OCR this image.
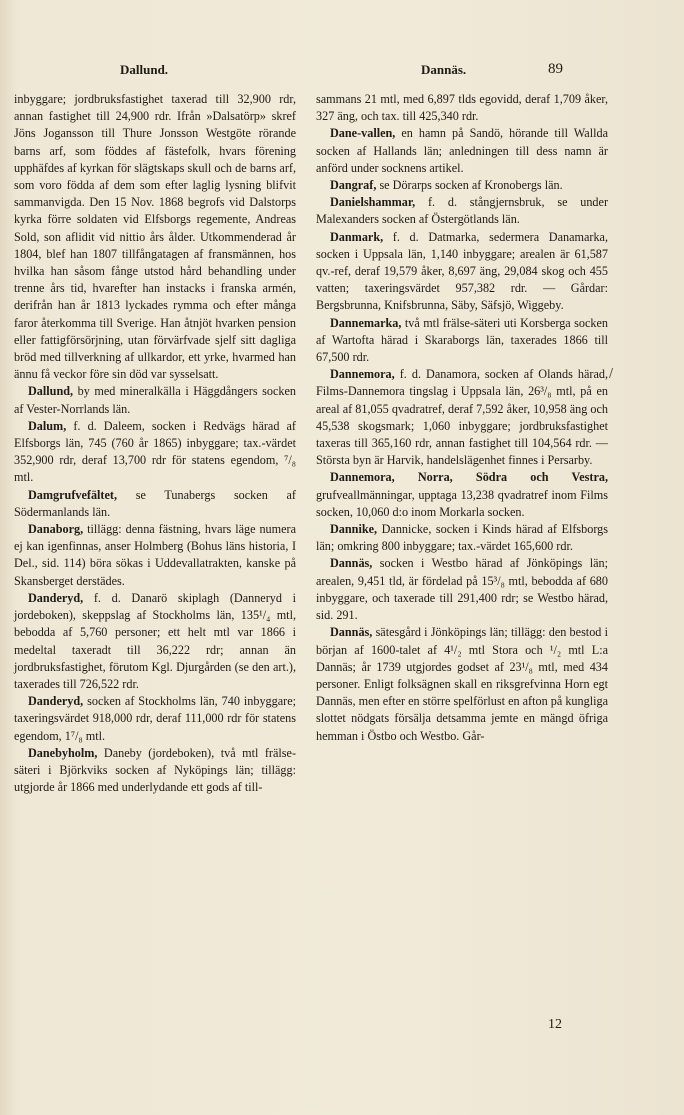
Dallund.	Dannäs.	89

inbyggare; jordbruksfastighet taxerad till 32,900 rdr, annan fastighet till 24,900 rdr. Ifrån »Dalsatörp» skref Jöns Jogansson till Thure Jonsson Westgöte rörande barns arf, som föddes af fästefolk, hvars förening upphäfdes af kyrkan för slägtskaps skull och de barns arf, som voro födda af dem som efter laglig lysning blifvit sammanvigda. Den 15 Nov. 1868 begrofs vid Dalstorps kyrka förre soldaten vid Elfsborgs regemente, Andreas Sold, son aflidit vid nittio års ålder. Utkommenderad år 1804, blef han 1807 tillfångatagen af fransmännen, hos hvilka han såsom fånge utstod hård behandling under trenne års tid, hvarefter han instacks i franska armén, derifrån han år 1813 lyckades rymma och efter många faror återkomma till Sverige. Han åtnjöt hvarken pension eller fattigförsörjning, utan förvärfvade sjelf sitt dagliga bröd med tillverkning af ullkardor, ett yrke, hvarmed han ännu få veckor före sin död var sysselsatt.

Dallund, by med mineralkälla i Häggdångers socken af Vester-Norrlands län.

Dalum, f. d. Daleem, socken i Redvägs härad af Elfsborgs län, 745 (760 år 1865) inbyggare; tax.-värdet 352,900 rdr, deraf 13,700 rdr för statens egendom, ⁷/₈ mtl.

Damgrufvefältet, se Tunabergs socken af Södermanlands län.

Danaborg, tillägg: denna fästning, hvars läge numera ej kan igenfinnas, anser Holmberg (Bohus läns historia, I Del., sid. 114) böra sökas i Uddevallatrakten, kanske på Skansberget derstädes.

Danderyd, f. d. Danarö skiplagh (Danneryd i jordeboken), skeppslag af Stockholms län, 135¹/₄ mtl, bebodda af 5,760 personer; ett helt mtl var 1866 i medeltal taxeradt till 36,222 rdr; annan än jordbruksfastighet, förutom Kgl. Djurgården (se den art.), taxerades till 726,522 rdr.

Danderyd, socken af Stockholms län, 740 inbyggare; taxeringsvärdet 918,000 rdr, deraf 111,000 rdr för statens egendom, 1⁷/₈ mtl.

Danebyholm, Daneby (jordeboken), två mtl frälse-säteri i Björkviks socken af Nyköpings län; tillägg: utgjorde år 1866 med underlydande ett gods af till-

sammans 21 mtl, med 6,897 tlds egovidd, deraf 1,709 åker, 327 äng, och tax. till 425,340 rdr.

Dane-vallen, en hamn på Sandö, hörande till Wallda socken af Hallands län; anledningen till dess namn är anförd under socknens artikel.

Dangraf, se Dörarps socken af Kronobergs län.

Danielshammar, f. d. stångjernsbruk, se under Malexanders socken af Östergötlands län.

Danmark, f. d. Datmarka, sedermera Danamarka, socken i Uppsala län, 1,140 inbyggare; arealen är 61,587 qv.-ref, deraf 19,579 åker, 8,697 äng, 29,084 skog och 455 vatten; taxeringsvärdet 957,382 rdr. — Gårdar: Bergsbrunna, Knifsbrunna, Säby, Säfsjö, Wiggeby.

Dannemarka, två mtl frälse-säteri uti Korsberga socken af Wartofta härad i Skaraborgs län, taxerades 1866 till 67,500 rdr.

Dannemora, f. d. Danamora, socken af Olands härad, Films-Dannemora tingslag i Uppsala län, 26³/₈ mtl, på en areal af 81,055 qvadratref, deraf 7,592 åker, 10,958 äng och 45,538 skogsmark; 1,060 inbyggare; jordbruksfastighet taxeras till 365,160 rdr, annan fastighet till 104,564 rdr. — Största byn är Harvik, handelslägenhet finnes i Persarby.

Dannemora, Norra, Södra och Vestra, grufveallmänningar, upptaga 13,238 qvadratref inom Films socken, 10,060 d:o inom Morkarla socken.

Dannike, Dannicke, socken i Kinds härad af Elfsborgs län; omkring 800 inbyggare; tax.-värdet 165,600 rdr.

Dannäs, socken i Westbo härad af Jönköpings län; arealen, 9,451 tld, är fördelad på 15³/₈ mtl, bebodda af 680 inbyggare, och taxerade till 291,400 rdr; se Westbo härad, sid. 291.

Dannäs, sätesgård i Jönköpings län; tillägg: den bestod i början af 1600-talet af 4¹/₂ mtl Stora och ¹/₂ mtl L:a Dannäs; år 1739 utgjordes godset af 23¹/₈ mtl, med 434 personer. Enligt folksägnen skall en riksgrefvinna Horn egt Dannäs, men efter en större spelförlust en afton på kungliga slottet nödgats försälja detsamma jemte en mängd öfriga hemman i Östbo och Westbo. Går-

/
12
